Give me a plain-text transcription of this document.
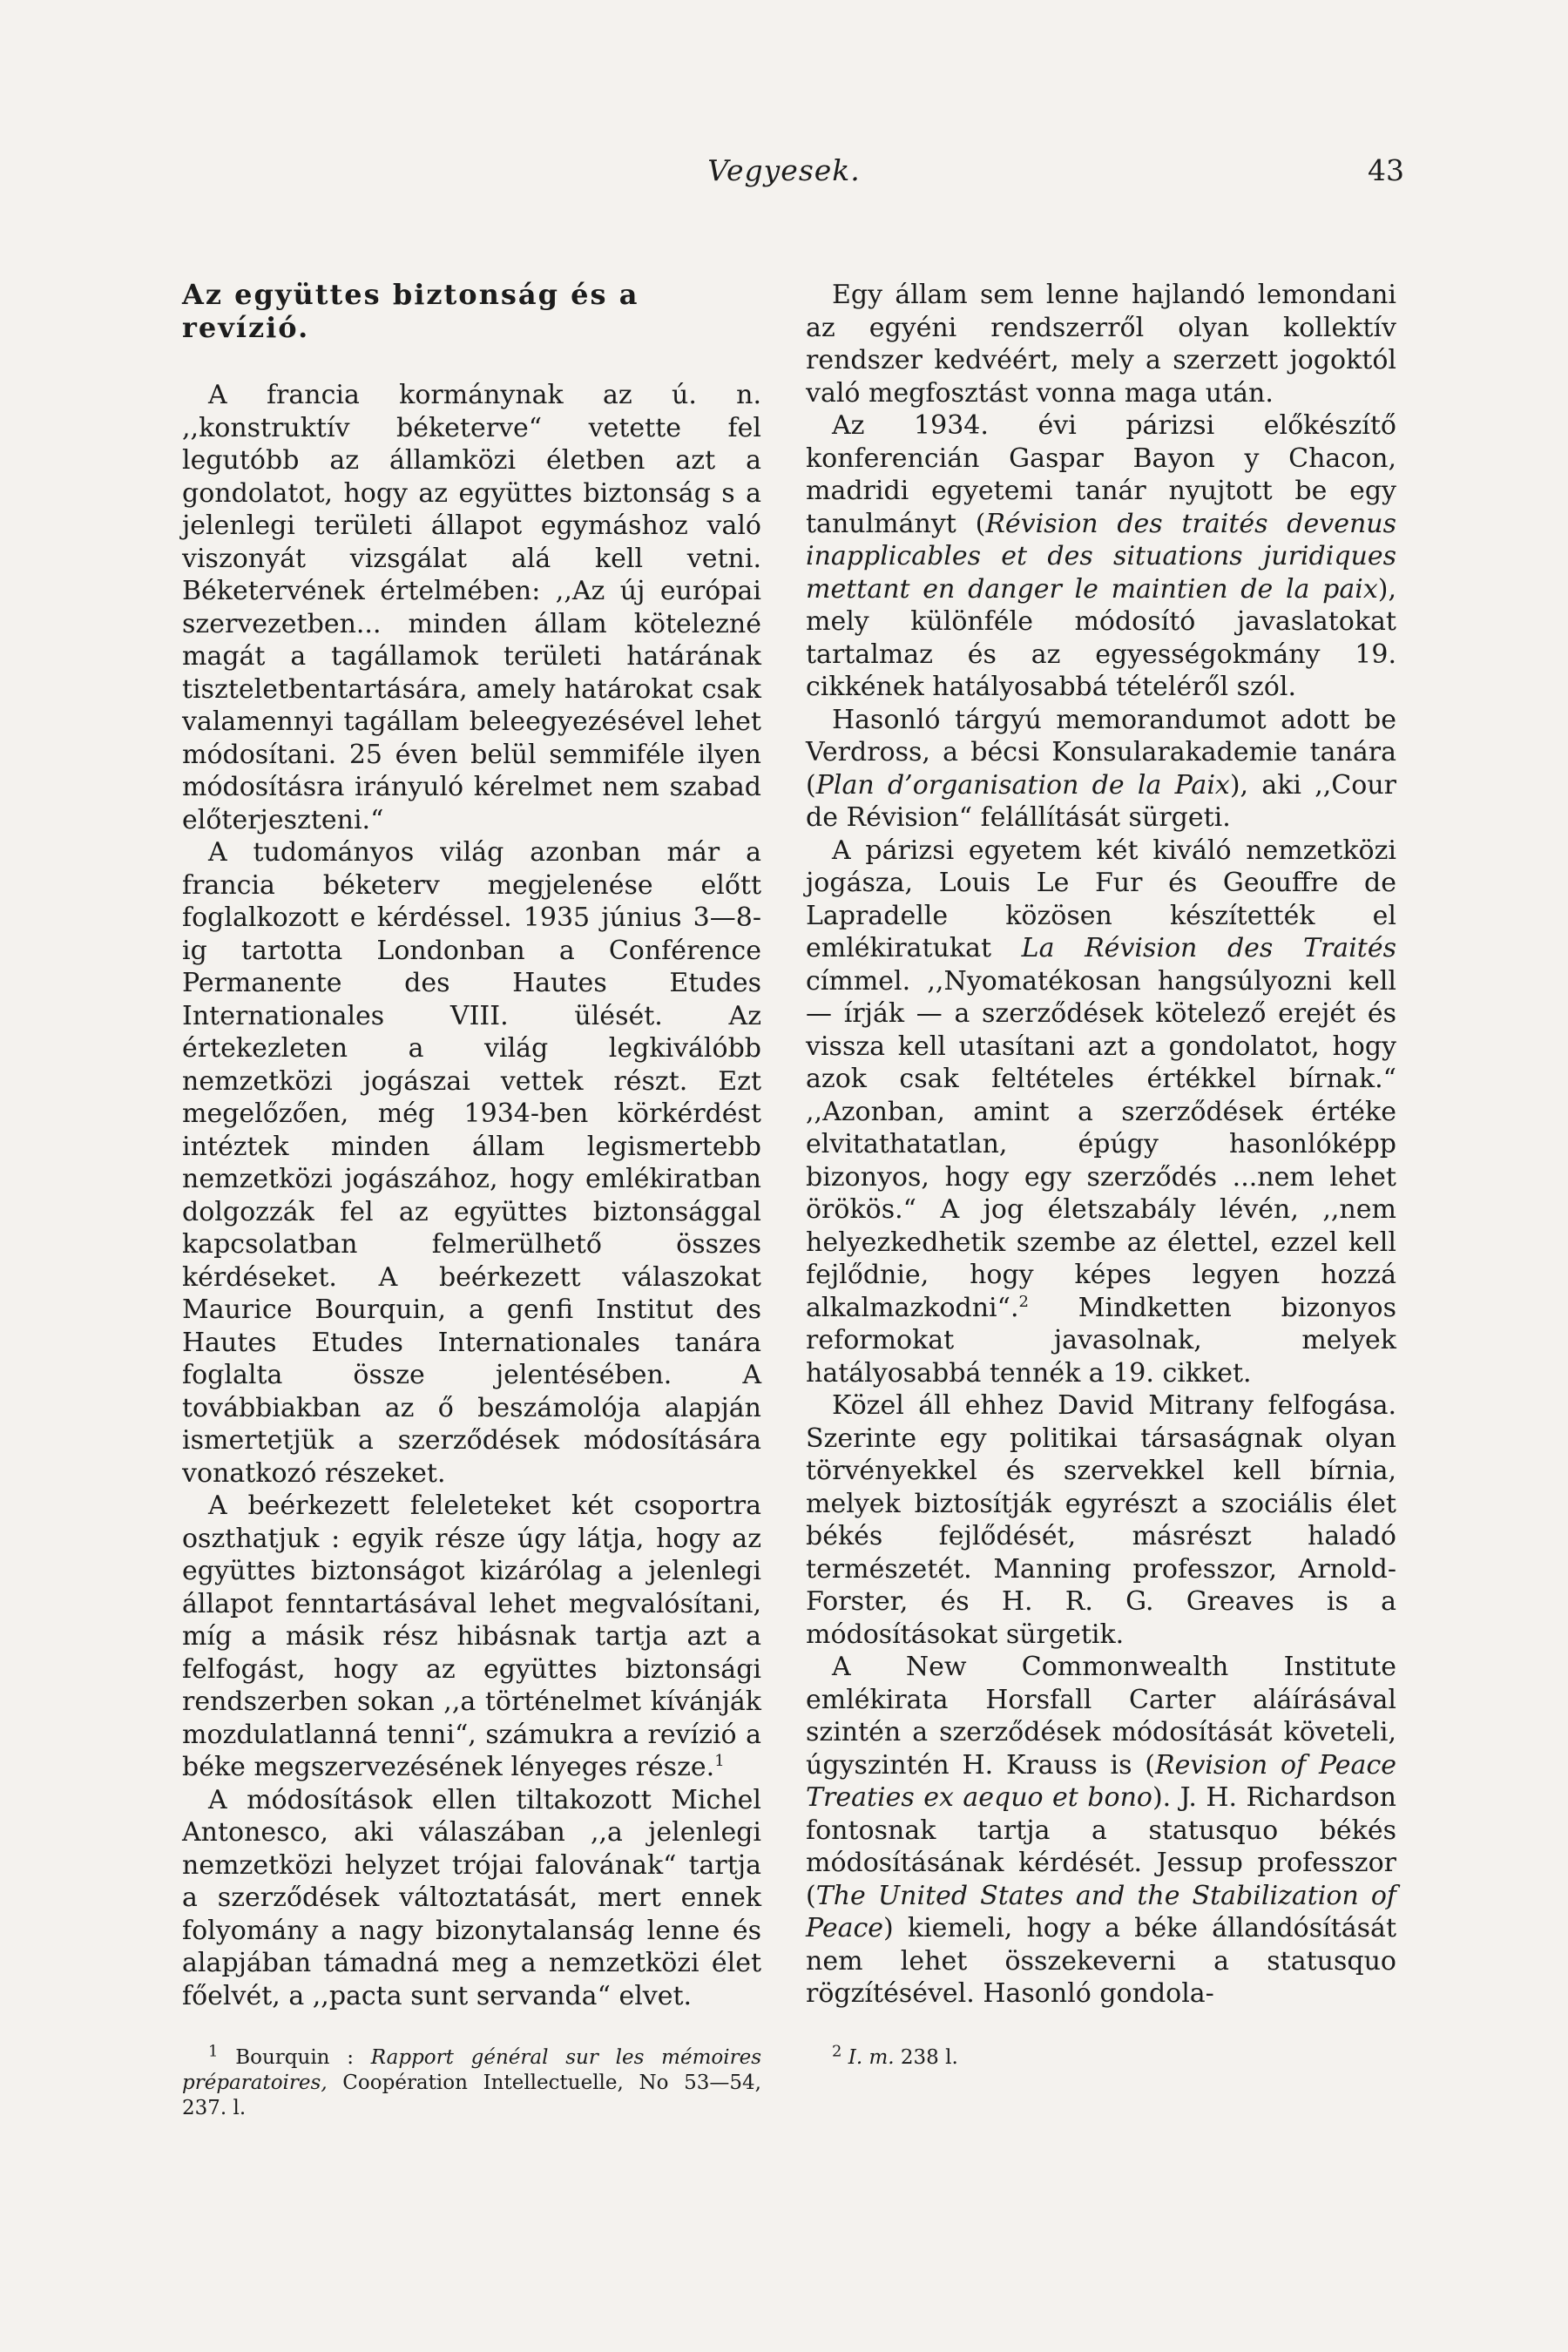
Vegyesek.	43
Az együttes biztonság és a revízió.

A francia kormánynak az ú. n. ,,konstruktív béketerve“ vetette fel legutóbb az államközi életben azt a gondolatot, hogy az együttes biztonság s a jelenlegi területi állapot egymáshoz való viszonyát vizsgálat alá kell vetni. Béketervének értelmében: ,,Az új európai szervezetben... minden állam kötelezné magát a tagállamok területi határának tiszteletbentartására, amely határokat csak valamennyi tagállam beleegyezésével lehet módosítani. 25 éven belül semmiféle ilyen módosításra irányuló kérelmet nem szabad előterjeszteni.“

A tudományos világ azonban már a francia béketerv megjelenése előtt foglalkozott e kérdéssel. 1935 június 3—8-ig tartotta Londonban a Conférence Permanente des Hautes Etudes Internationales VIII. ülését. Az értekezleten a világ legkiválóbb nemzetközi jogászai vettek részt. Ezt megelőzően, még 1934-ben körkérdést intéztek minden állam legismertebb nemzetközi jogászához, hogy emlékiratban dolgozzák fel az együttes biztonsággal kapcsolatban felmerülhető összes kérdéseket. A beérkezett válaszokat Maurice Bourquin, a genfi Institut des Hautes Etudes Internationales tanára foglalta össze jelentésében. A továbbiakban az ő beszámolója alapján ismertetjük a szerződések módosítására vonatkozó részeket.

A beérkezett feleleteket két csoportra oszthatjuk : egyik része úgy látja, hogy az együttes biztonságot kizárólag a jelenlegi állapot fenntartásával lehet megvalósítani, míg a másik rész hibásnak tartja azt a felfogást, hogy az együttes biztonsági rendszerben sokan ,,a történelmet kívánják mozdulatlanná tenni“, számukra a revízió a béke megszervezésének lényeges része.$^1$

A módosítások ellen tiltakozott Michel Antonesco, aki válaszában ,,a jelenlegi nemzetközi helyzet trójai falovának“ tartja a szerződések változtatását, mert ennek folyomány a nagy bizonytalanság lenne és alapjában támadná meg a nemzetközi élet főelvét, a ,,pacta sunt servanda“ elvet.

Egy állam sem lenne hajlandó lemondani az egyéni rendszerről olyan kollektív rendszer kedvéért, mely a szerzett jogoktól való megfosztást vonna maga után.

Az 1934. évi párizsi előkészítő konferencián Gaspar Bayon y Chacon, madridi egyetemi tanár nyujtott be egy tanulmányt (Révision des traités devenus inapplicables et des situations juridiques mettant en danger le maintien de la paix), mely különféle módosító javaslatokat tartalmaz és az egyességokmány 19. cikkének hatályosabbá tételéről szól.

Hasonló tárgyú memorandumot adott be Verdross, a bécsi Konsularakademie tanára (Plan d’organisation de la Paix), aki ,,Cour de Révision“ felállítását sürgeti.

A párizsi egyetem két kiváló nemzetközi jogásza, Louis Le Fur és Geouffre de Lapradelle közösen készítették el emlékiratukat La Révision des Traités címmel. ,,Nyomatékosan hangsúlyozni kell — írják — a szerződések kötelező erejét és vissza kell utasítani azt a gondolatot, hogy azok csak feltételes értékkel bírnak.“ ,,Azonban, amint a szerződések értéke elvitathatatlan, épúgy hasonlóképp bizonyos, hogy egy szerződés ...nem lehet örökös.“ A jog életszabály lévén, ,,nem helyezkedhetik szembe az élettel, ezzel kell fejlődnie, hogy képes legyen hozzá alkalmazkodni“.$^2$ Mindketten bizonyos reformokat javasolnak, melyek hatályosabbá tennék a 19. cikket.

Közel áll ehhez David Mitrany felfogása. Szerinte egy politikai társaságnak olyan törvényekkel és szervekkel kell bírnia, melyek biztosítják egyrészt a szociális élet békés fejlődését, másrészt haladó természetét. Manning professzor, Arnold-Forster, és H. R. G. Greaves is a módosításokat sürgetik.

A New Commonwealth Institute emlékirata Horsfall Carter aláírásával szintén a szerződések módosítását követeli, úgyszintén H. Krauss is (Revision of Peace Treaties ex aequo et bono). J. H. Richardson fontosnak tartja a statusquo békés módosításának kérdését. Jessup professzor (The United States and the Stabilization of Peace) kiemeli, hogy a béke állandósítását nem lehet összekeverni a statusquo rögzítésével. Hasonló gondola-

$^1$ Bourquin : Rapport général sur les mémoires préparatoires, Coopération Intellectuelle, No 53—54, 237. l.

$^2$ I. m. 238 l.
